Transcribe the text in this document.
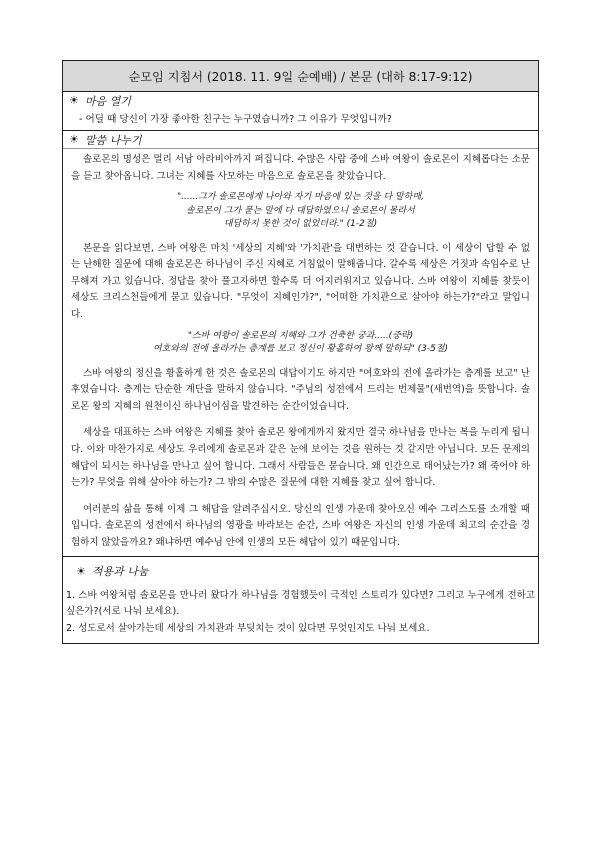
순모임 지침서 (2018. 11. 9일 순예배) / 본문 (대하 8:17-9:12)
☀ 마음 열기
- 어딜 때 당신이 가장 좋아한 친구는 누구였습니까? 그 이유가 무엇입니까?
☀ 말씀 나누기

솔로몬의 명성은 멀리 서남 아라비아까지 퍼집니다. 수많은 사람 중에 스바 여왕이 솔로몬이 지혜롭다는 소문을 듣고 찾아옵니다. 그녀는 지혜를 사모하는 마음으로 솔로몬을 찾았습니다.

"......그가 솔로몬에게 나아와 자기 마음에 있는 것을 다 말하매,
솔로몬이 그가 묻는 말에 다 대답하였으니 솔로몬이 몰라서
대답하지 못한 것이 없었더라." (1-2절)

본문을 읽다보면, 스바 여왕은 마치 '세상의 지혜'와 '가치관'을 대변하는 것 같습니다. 이 세상이 답할 수 없는 난해한 질문에 대해 솔로몬은 하나님이 주신 지혜로 거침없이 말해줍니다. 갈수록 세상은 거짓과 속임수로 난무해져 가고 있습니다. 정답을 찾아 풀고자하면 할수록 더 어지러워지고 있습니다. 스바 여왕이 지혜를 찾듯이 세상도 크리스천들에게 묻고 있습니다. "무엇이 지혜인가?", "어떠한 가치관으로 살아야 하는가?"라고 말입니다.

"스바 여왕이 솔로몬의 지혜와 그가 건축한 궁과.....(중략)
여호와의 전에 올라가는 층계를 보고 정신이 황홀하여 왕께 말하되" (3-5절)

스바 여왕의 정신을 황홀하게 한 것은 솔로몬의 대답이기도 하지만 "여호와의 전에 올라가는 층계를 보고" 난 후였습니다. 층계는 단순한 계단을 말하지 않습니다. "주님의 성전에서 드리는 번제물"(새번역)을 뜻합니다. 솔로몬 왕의 지혜의 원천이신 하나님이심을 발견하는 순간이었습니다.

세상을 대표하는 스바 여왕은 지혜를 찾아 솔로몬 왕에게까지 왔지만 결국 하나님을 만나는 복을 누리게 됩니다. 이와 마찬가지로 세상도 우리에게 솔로몬과 같은 눈에 보이는 것을 원하는 것 같지만 아닙니다. 모든 문제의 해답이 되시는 하나님을 만나고 싶어 합니다. 그래서 사람들은 묻습니다. 왜 인간으로 태어났는가? 왜 죽어야 하는가? 무엇을 위해 살아야 하는가? 그 밖의 수많은 질문에 대한 지혜를 찾고 싶어 합니다.

여러분의 삶을 통해 이제 그 해답을 알려주십시오. 당신의 인생 가운데 찾아오신 예수 그리스도를 소개할 때입니다. 솔로몬의 성전에서 하나님의 영광을 바라보는 순간, 스바 여왕은 자신의 인생 가운데 최고의 순간을 경험하지 않았을까요? 왜냐하면 예수님 안에 인생의 모든 해답이 있기 때문입니다.

☀ 적용과 나눔

1. 스바 여왕처럼 솔로몬을 만나러 왔다가 하나님을 경험했듯이 극적인 스토리가 있다면? 그리고 누구에게 전하고 싶은가?(서로 나눠 보세요).

2. 성도로서 살아가는데 세상의 가치관과 부딪치는 것이 있다면 무엇인지도 나눠 보세요.
